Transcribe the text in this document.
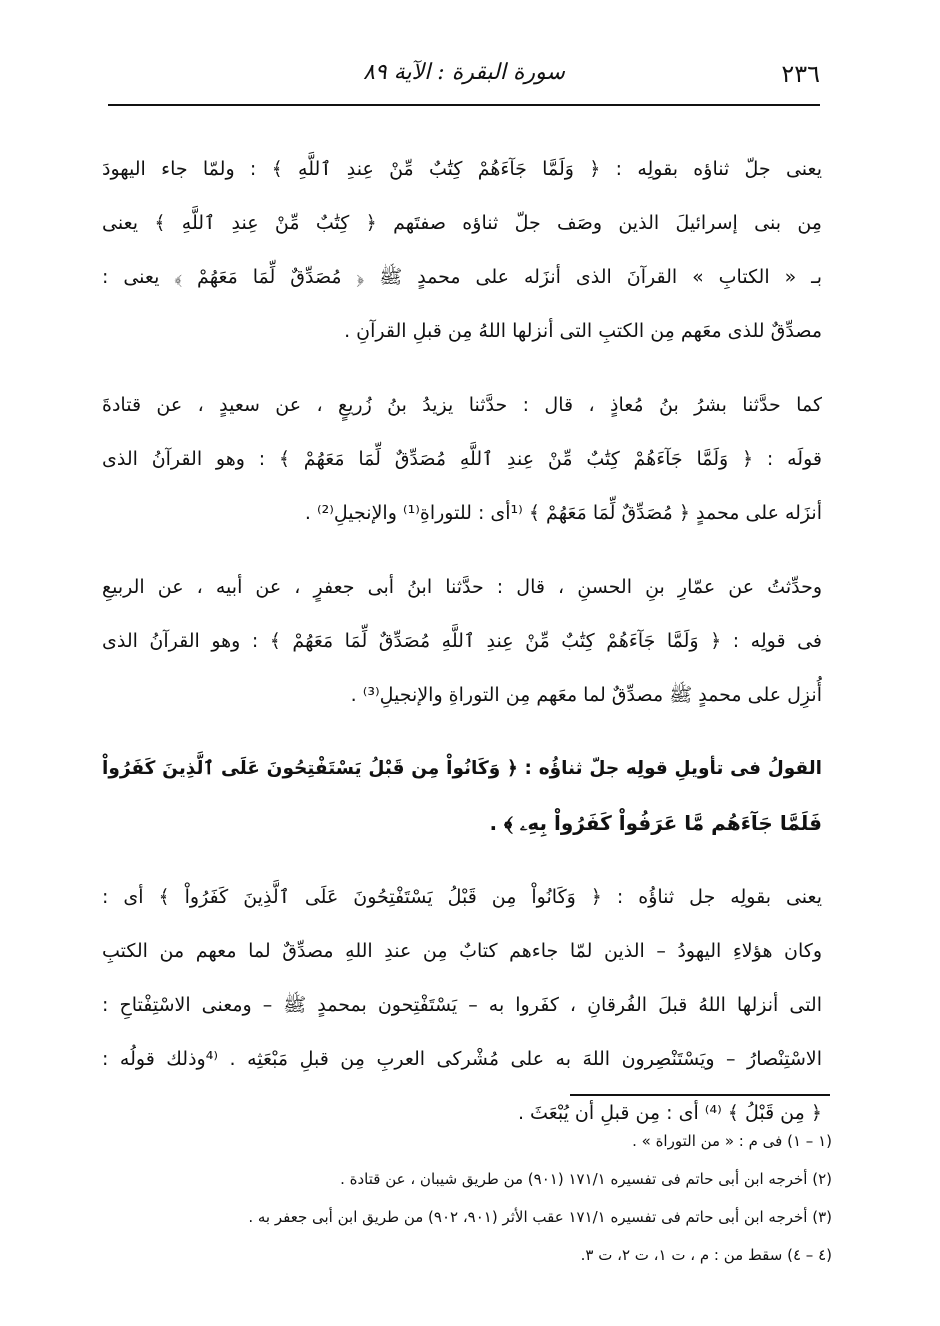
٢٣٦
سورة البقرة : الآية ٨٩
يعنى جلّ ثناؤه بقولِه : ﴿ وَلَمَّا جَآءَهُمْ كِتَٰبٌ مِّنْ عِندِ ٱللَّهِ ﴾ : ولمّا جاء اليهودَ
مِن بنى إسرائيلَ الذين وصَف جلّ ثناؤه صفتَهم ﴿ كِتَٰبٌ مِّنْ عِندِ ٱللَّهِ ﴾ يعنى
بـ « الكتابِ » القرآنَ الذى أنزَله على محمدٍ ﷺ ﴿ مُصَدِّقٌ لِّمَا مَعَهُمْ ﴾ يعنى :
مصدِّقٌ للذى معَهم مِن الكتبِ التى أنزلها اللهُ مِن قبلِ القرآنِ .
كما حدَّثنا بشرُ بنُ مُعاذٍ ، قال : حدَّثنا يزيدُ بنُ زُريعٍ ، عن سعيدٍ ، عن قتادةَ
قولَه : ﴿ وَلَمَّا جَآءَهُمْ كِتَٰبٌ مِّنْ عِندِ ٱللَّهِ مُصَدِّقٌ لِّمَا مَعَهُمْ ﴾ : وهو القرآنُ الذى
أنزَله على محمدٍ ﴿ مُصَدِّقٌ لِّمَا مَعَهُمْ ﴾ ⁽¹أى : للتوراةِ⁽¹⁾ والإنجيلِ⁽²⁾ .
وحدِّثتُ عن عمّارِ بنِ الحسنِ ، قال : حدَّثنا ابنُ أبى جعفرٍ ، عن أبيه ، عن الربيعِ
فى قولِه : ﴿ وَلَمَّا جَآءَهُمْ كِتَٰبٌ مِّنْ عِندِ ٱللَّهِ مُصَدِّقٌ لِّمَا مَعَهُمْ ﴾ : وهو القرآنُ الذى
أُنزِل على محمدٍ ﷺ مصدِّقٌ لما معَهم مِن التوراةِ والإنجيلِ⁽³⁾ .
القولُ فى تأويلِ قولِه جلّ ثناؤُه : ﴿ وَكَانُواْ مِن قَبْلُ يَسْتَفْتِحُونَ عَلَى ٱلَّذِينَ كَفَرُواْ
فَلَمَّا جَآءَهُم مَّا عَرَفُواْ كَفَرُواْ بِهِۦ ﴾ .
يعنى بقولِه جل ثناؤُه : ﴿ وَكَانُواْ مِن قَبْلُ يَسْتَفْتِحُونَ عَلَى ٱلَّذِينَ كَفَرُواْ ﴾ أى :
وكان هؤلاءِ اليهودُ – الذين لمّا جاءهم كتابٌ مِن عندِ اللهِ مصدِّقٌ لما معهم من الكتبِ
التى أنزلها اللهُ قبلَ الفُرقانِ ، كفَروا به – يَسْتَفْتِحون بمحمدٍ ﷺ – ومعنى الاسْتِفْتاحِ :
الاسْتِنْصارُ – ويَسْتَنْصِرون اللهَ به على مُشْركى العربِ مِن قبلِ مَبْعَثِه . ⁽⁴وذلك قولُه :
﴿ مِن قَبْلُ ﴾ ⁽⁴⁾ أى : مِن قبلِ أن يُبْعَثَ .
(١ – ١) فى م : « من التوراة » .
(٢) أخرجه ابن أبى حاتم فى تفسيره ١٧١/١ (٩٠١) من طريق شيبان ، عن قتادة .
(٣) أخرجه ابن أبى حاتم فى تفسيره ١٧١/١ عقب الأثر (٩٠١، ٩٠٢) من طريق ابن أبى جعفر به .
(٤ – ٤) سقط من : م ، ت ١، ت ٢، ت ٣.
